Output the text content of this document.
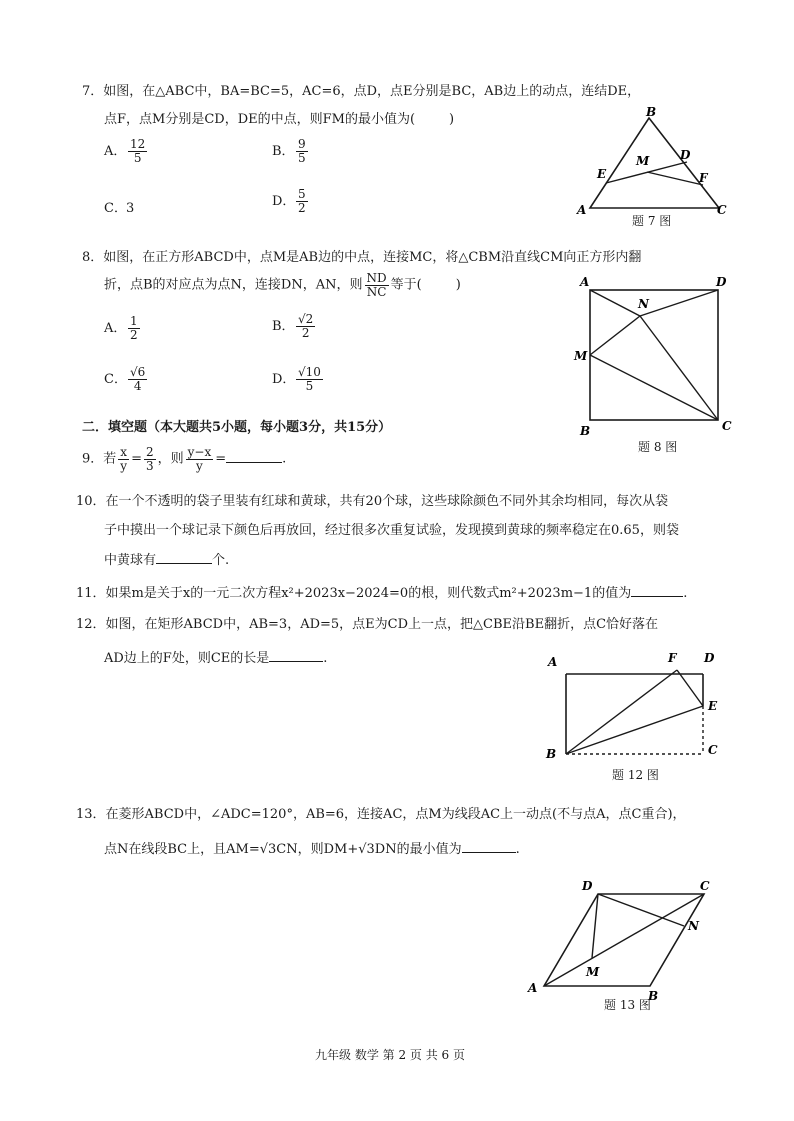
7．如图，在△ABC中，BA=BC=5，AC=6，点D，点E分别是BC，AB边上的动点，连结DE，
点F，点M分别是CD，DE的中点，则FM的最小值为(	)
A． $\frac{12}{5}$	B． $\frac{9}{5}$
C．3	D． $\frac{5}{2}$	A
B
C
D
E	F
M
题 7 图
8．如图，在正方形ABCD中，点M是AB边的中点，连接MC，将△CBM沿直线CM向正方形内翻
折，点B的对应点为点N，连接DN，AN，则 $\frac{ND}{NC}$ 等于(	)
A． $\frac{1}{2}$	B． $\frac{√2}{2}$
C． $\frac{√6}{4}$	D． $\frac{√10}{5}$
A	D
B	C
M
N
题 8 图
二．填空题（本大题共5小题，每小题3分，共15分）
9．若 $\frac{x}{y} = \frac{2}{3}$ ，则 $\frac{y-x}{y}$ =	.
10．在一个不透明的袋子里装有红球和黄球，共有20个球，这些球除颜色不同外其余均相同，每次从袋
子中摸出一个球记录下颜色后再放回，经过很多次重复试验，发现摸到黄球的频率稳定在0.65，则袋
中黄球有	个.
11．如果m是关于x的一元二次方程x²+2023x−2024=0的根，则代数式m²+2023m−1的值为	.
12．如图，在矩形ABCD中，AB=3，AD=5，点E为CD上一点，把△CBE沿BE翻折，点C恰好落在
AD边上的F处，则CE的长是	.	A	F D
E
B	C
题 12 图
13．在菱形ABCD中，∠ADC=120°，AB=6，连接AC，点M为线段AC上一动点(不与点A，点C重合)，
点N在线段BC上，且AM=√3CN，则DM+√3DN的最小值为	.
D	C
N
M
A
B
题 13 图
九年级 数学 第 2 页 共 6 页
